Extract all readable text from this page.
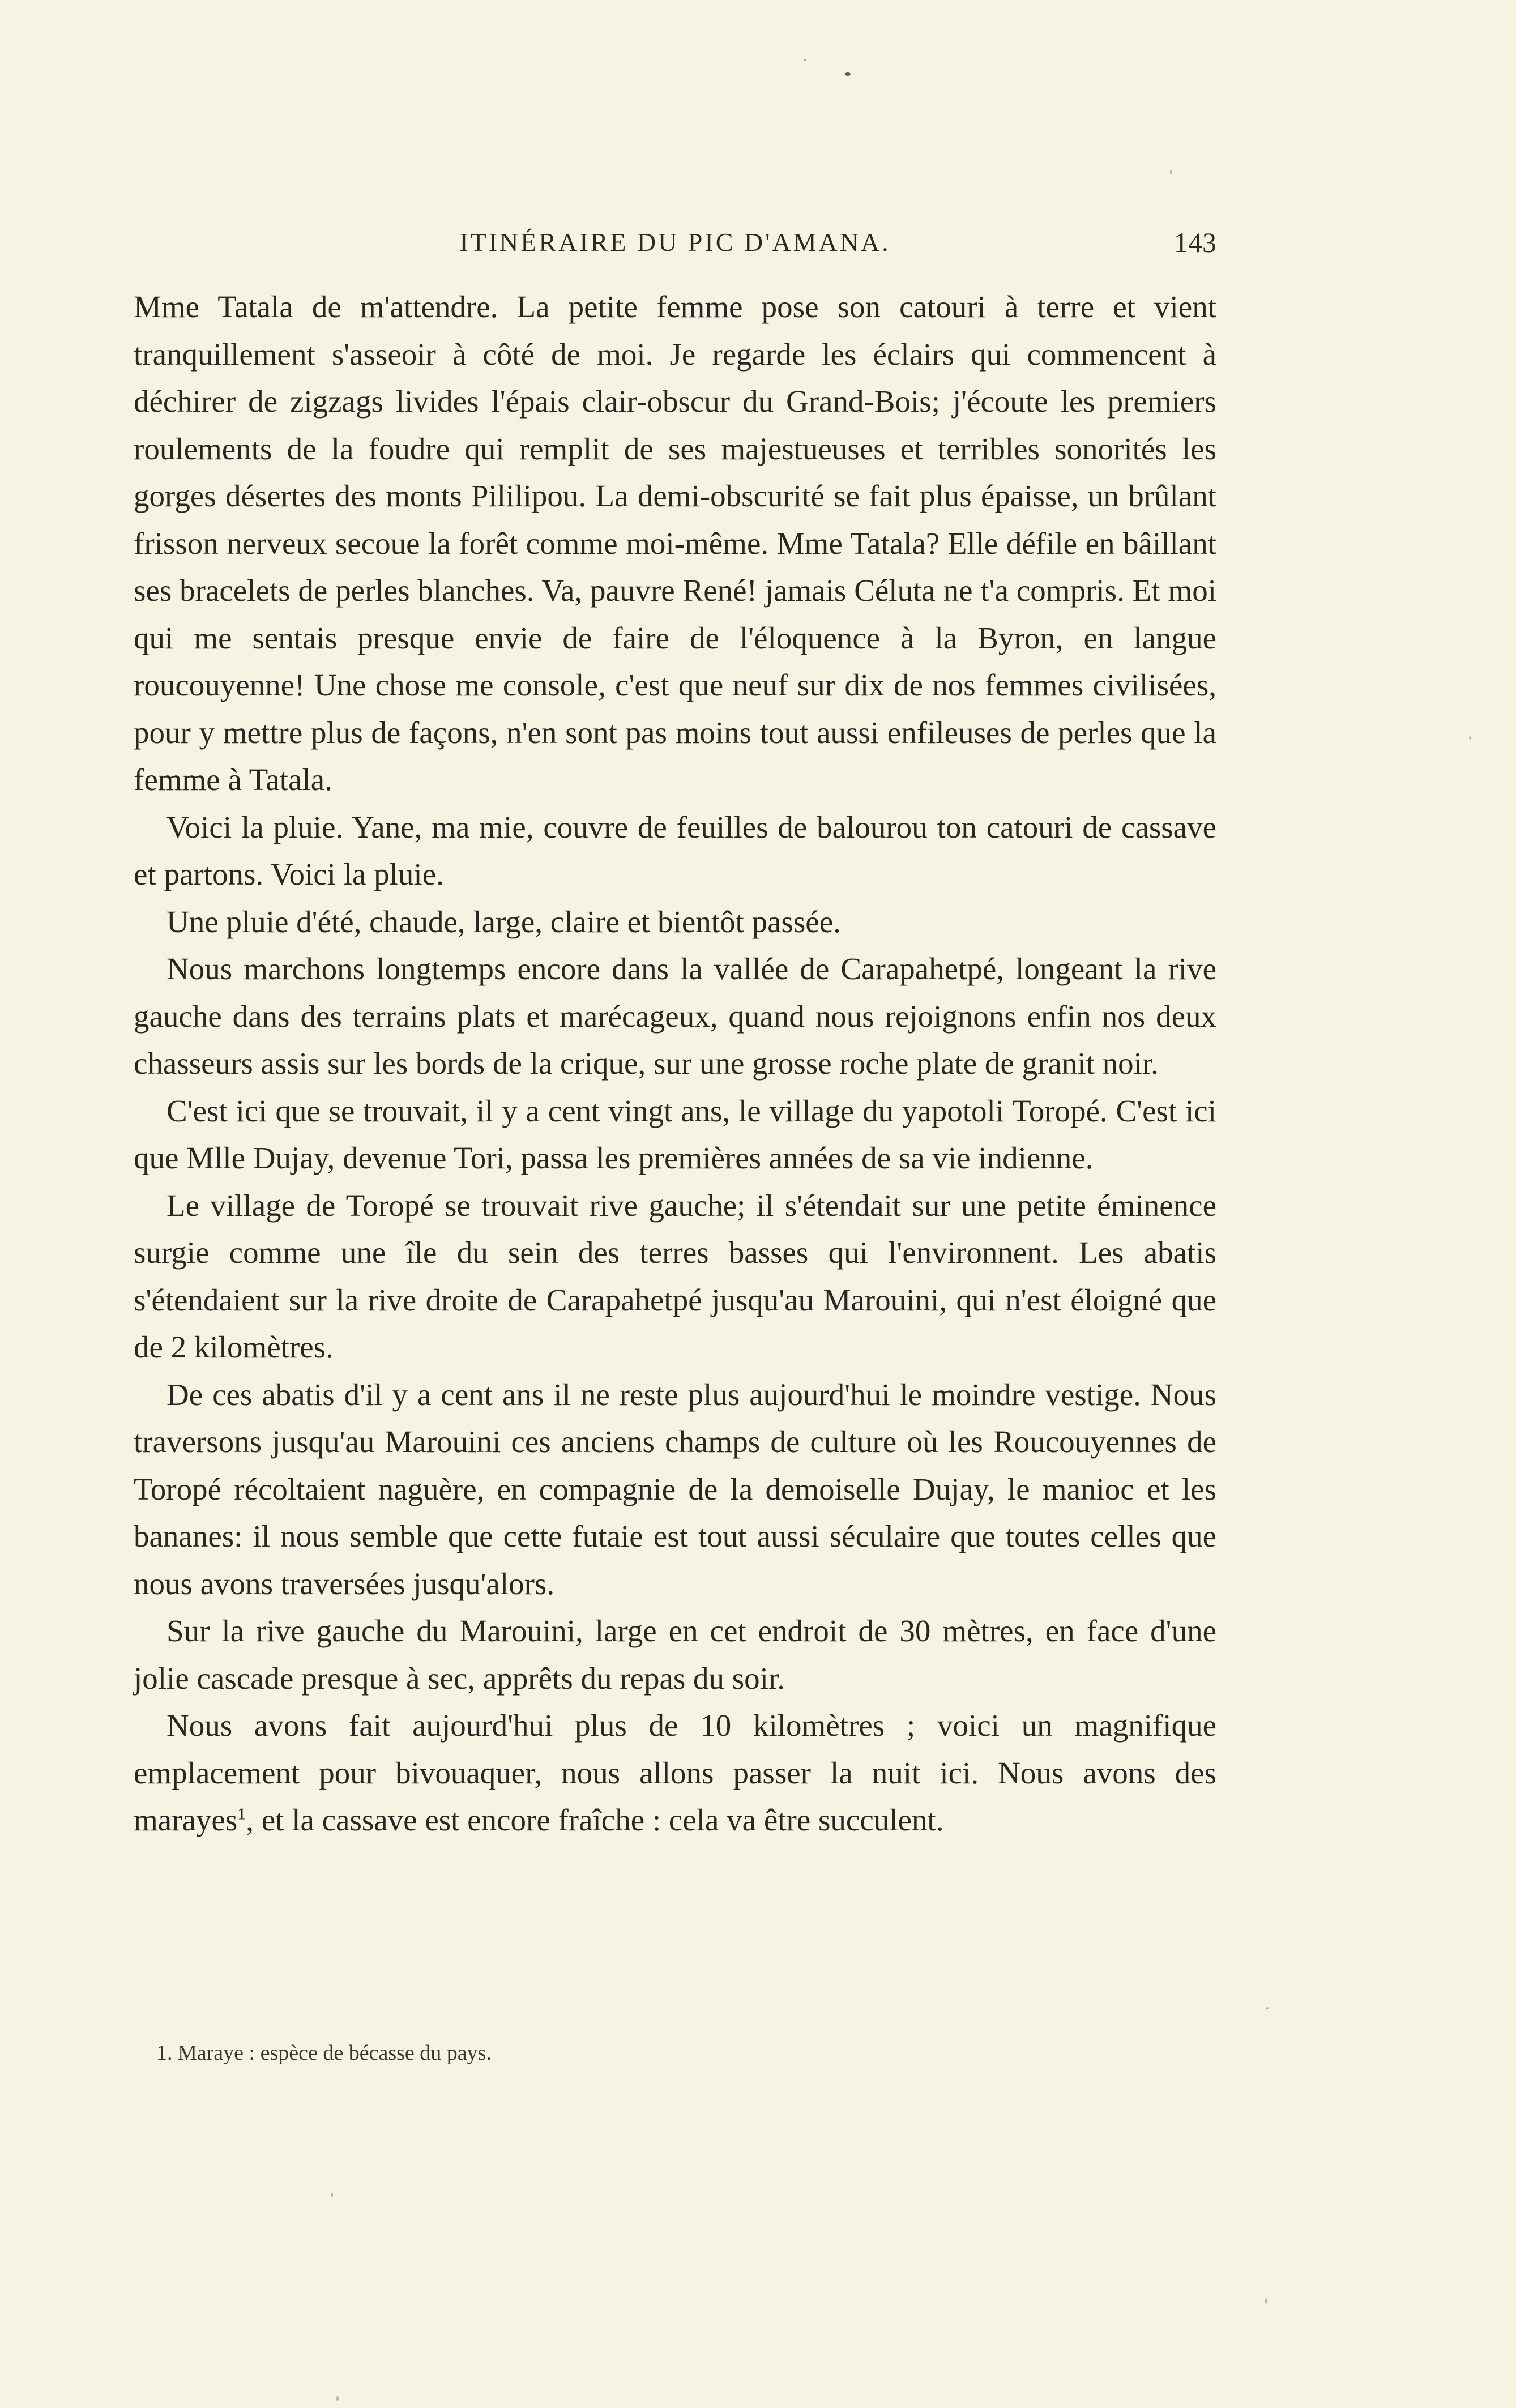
ITINÉRAIRE DU PIC D'AMANA.	143

Mme Tatala de m'attendre. La petite femme pose son catouri à terre et vient tranquillement s'asseoir à côté de moi. Je regarde les éclairs qui commencent à déchirer de zigzags livides l'épais clair-obscur du Grand-Bois; j'écoute les premiers roulements de la foudre qui remplit de ses majestueuses et terribles sonorités les gorges désertes des monts Pililipou. La demi-obscurité se fait plus épaisse, un brûlant frisson nerveux secoue la forêt comme moi-même. Mme Tatala? Elle défile en bâillant ses bracelets de perles blanches. Va, pauvre René! jamais Céluta ne t'a compris. Et moi qui me sentais presque envie de faire de l'éloquence à la Byron, en langue roucouyenne! Une chose me console, c'est que neuf sur dix de nos femmes civilisées, pour y mettre plus de façons, n'en sont pas moins tout aussi enfileuses de perles que la femme à Tatala.

Voici la pluie. Yane, ma mie, couvre de feuilles de balourou ton catouri de cassave et partons. Voici la pluie.

Une pluie d'été, chaude, large, claire et bientôt passée.

Nous marchons longtemps encore dans la vallée de Carapahetpé, longeant la rive gauche dans des terrains plats et marécageux, quand nous rejoignons enfin nos deux chasseurs assis sur les bords de la crique, sur une grosse roche plate de granit noir.

C'est ici que se trouvait, il y a cent vingt ans, le village du yapotoli Toropé. C'est ici que Mlle Dujay, devenue Tori, passa les premières années de sa vie indienne.

Le village de Toropé se trouvait rive gauche; il s'étendait sur une petite éminence surgie comme une île du sein des terres basses qui l'environnent. Les abatis s'étendaient sur la rive droite de Carapahetpé jusqu'au Marouini, qui n'est éloigné que de 2 kilomètres.

De ces abatis d'il y a cent ans il ne reste plus aujourd'hui le moindre vestige. Nous traversons jusqu'au Marouini ces anciens champs de culture où les Roucouyennes de Toropé récoltaient naguère, en compagnie de la demoiselle Dujay, le manioc et les bananes: il nous semble que cette futaie est tout aussi séculaire que toutes celles que nous avons traversées jusqu'alors.

Sur la rive gauche du Marouini, large en cet endroit de 30 mètres, en face d'une jolie cascade presque à sec, apprêts du repas du soir.

Nous avons fait aujourd'hui plus de 10 kilomètres ; voici un magnifique emplacement pour bivouaquer, nous allons passer la nuit ici. Nous avons des marayes$^1$, et la cassave est encore fraîche : cela va être succulent.

1. Maraye : espèce de bécasse du pays.
